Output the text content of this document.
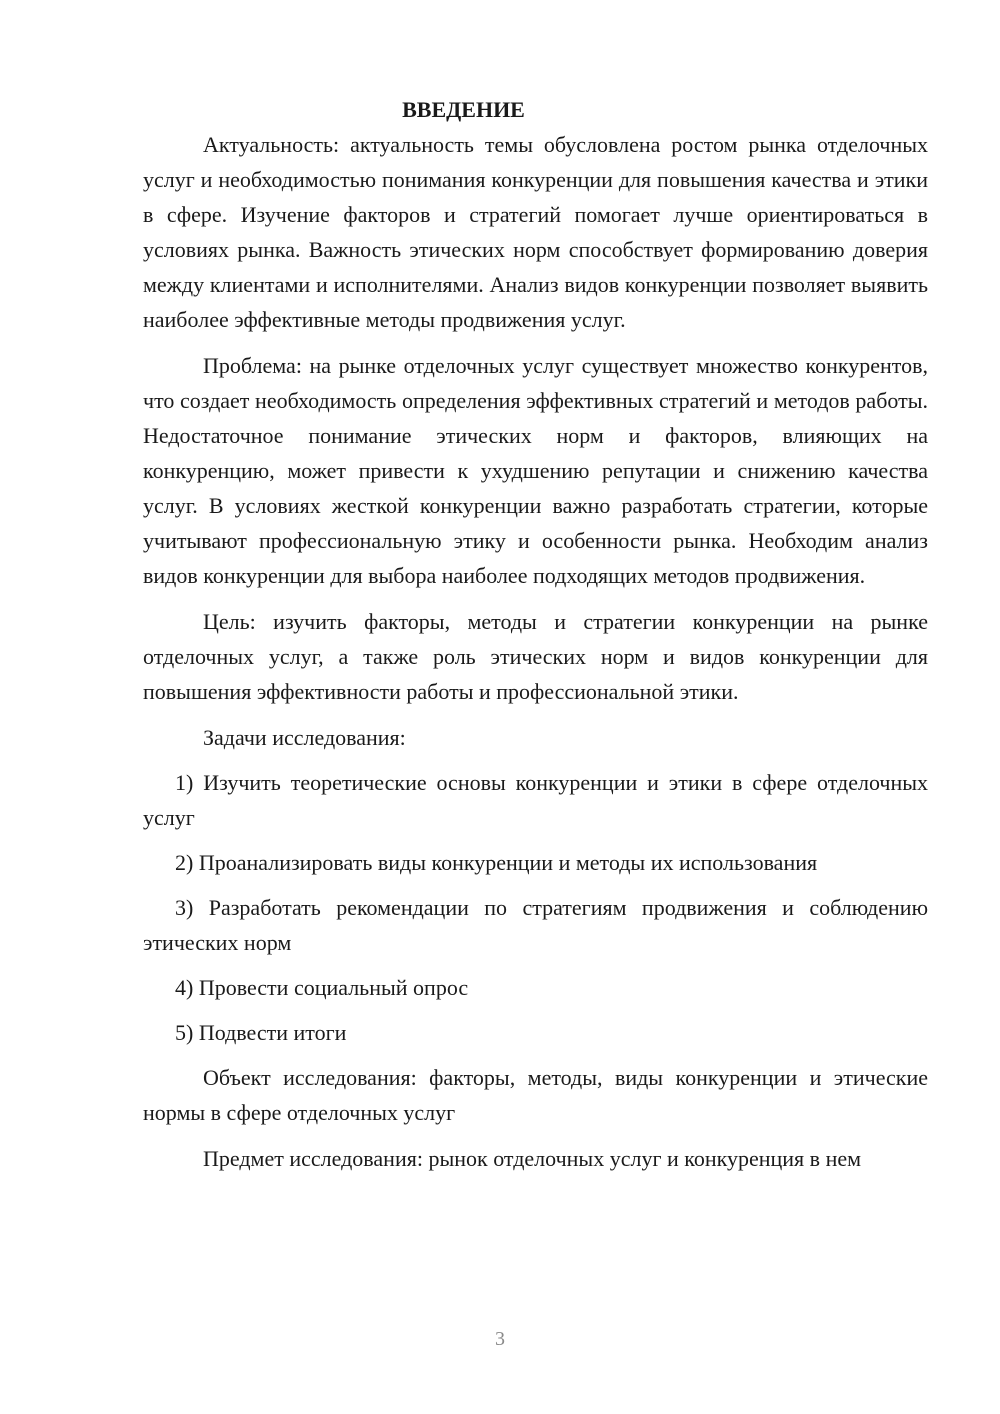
ВВЕДЕНИЕ

Актуальность: актуальность темы обусловлена ростом рынка отделочных услуг и необходимостью понимания конкуренции для повышения качества и этики в сфере. Изучение факторов и стратегий помогает лучше ориентироваться в условиях рынка. Важность этических норм способствует формированию доверия между клиентами и исполнителями. Анализ видов конкуренции позволяет выявить наиболее эффективные методы продвижения услуг.

Проблема: на рынке отделочных услуг существует множество конкурентов, что создает необходимость определения эффективных стратегий и методов работы. Недостаточное понимание этических норм и факторов, влияющих на конкуренцию, может привести к ухудшению репутации и снижению качества услуг. В условиях жесткой конкуренции важно разработать стратегии, которые учитывают профессиональную этику и особенности рынка. Необходим анализ видов конкуренции для выбора наиболее подходящих методов продвижения.

Цель: изучить факторы, методы и стратегии конкуренции на рынке отделочных услуг, а также роль этических норм и видов конкуренции для повышения эффективности работы и профессиональной этики.

Задачи исследования:

1) Изучить теоретические основы конкуренции и этики в сфере отделочных услуг

2) Проанализировать виды конкуренции и методы их использования

3) Разработать рекомендации по стратегиям продвижения и соблюдению этических норм

4) Провести социальный опрос

5) Подвести итоги

Объект исследования: факторы, методы, виды конкуренции и этические нормы в сфере отделочных услуг

Предмет исследования: рынок отделочных услуг и конкуренция в нем

3
